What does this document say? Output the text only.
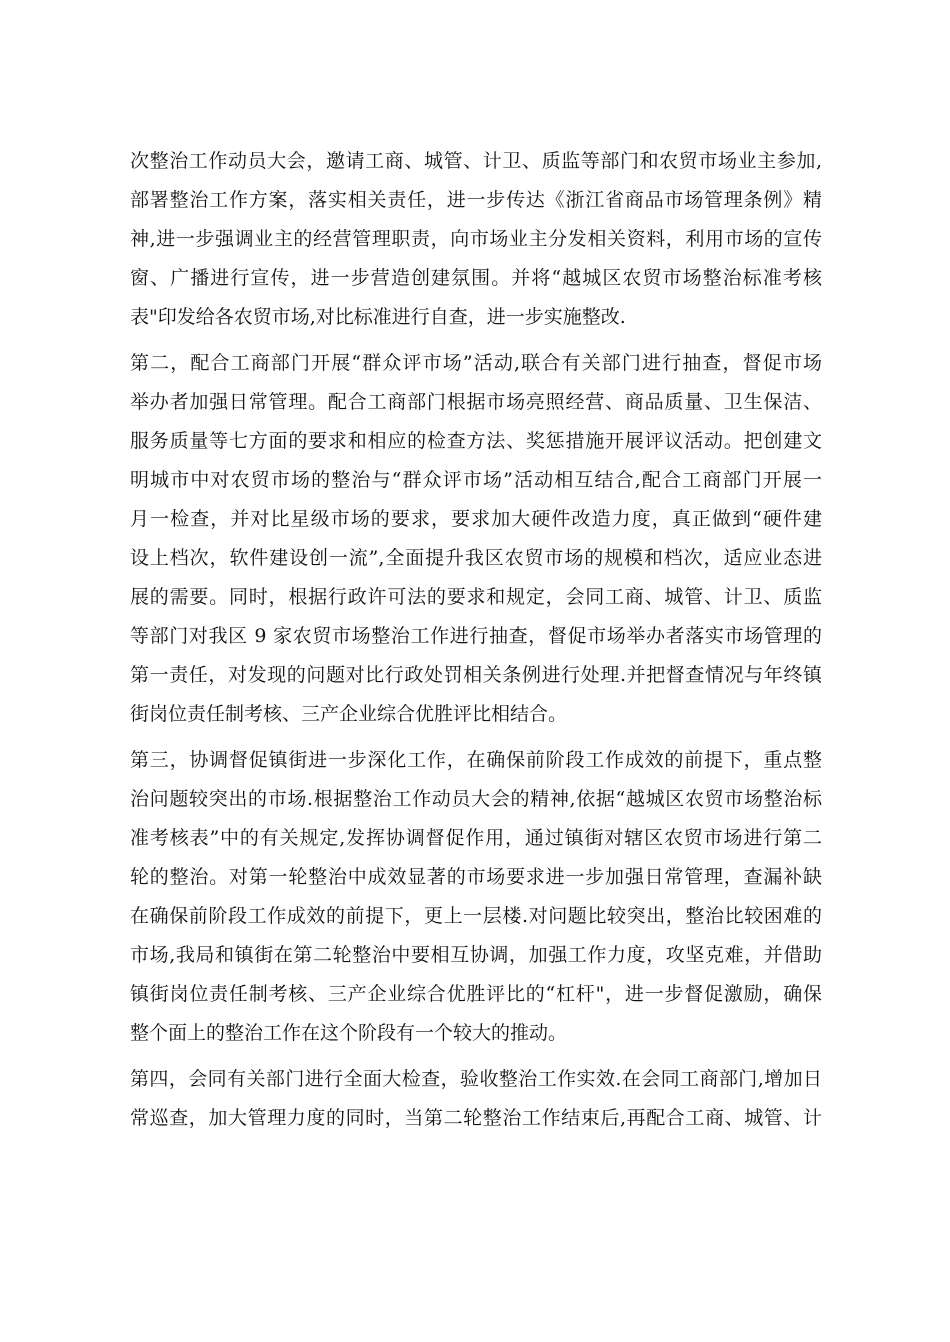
次整治工作动员大会，邀请工商、城管、计卫、质监等部门和农贸市场业主参加,
部署整治工作方案，落实相关责任，进一步传达《浙江省商品市场管理条例》精
神,进一步强调业主的经营管理职责，向市场业主分发相关资料，利用市场的宣传
窗、广播进行宣传，进一步营造创建氛围。并将“越城区农贸市场整治标准考核
表"印发给各农贸市场,对比标准进行自查，进一步实施整改.
第二，配合工商部门开展“群众评市场”活动,联合有关部门进行抽查，督促市场
举办者加强日常管理。配合工商部门根据市场亮照经营、商品质量、卫生保洁、
服务质量等七方面的要求和相应的检查方法、奖惩措施开展评议活动。把创建文
明城市中对农贸市场的整治与“群众评市场”活动相互结合,配合工商部门开展一
月一检查，并对比星级市场的要求，要求加大硬件改造力度，真正做到“硬件建
设上档次，软件建设创一流”,全面提升我区农贸市场的规模和档次，适应业态进
展的需要。同时，根据行政许可法的要求和规定，会同工商、城管、计卫、质监
等部门对我区 9 家农贸市场整治工作进行抽查，督促市场举办者落实市场管理的
第一责任，对发现的问题对比行政处罚相关条例进行处理.并把督查情况与年终镇
街岗位责任制考核、三产企业综合优胜评比相结合。
第三，协调督促镇街进一步深化工作，在确保前阶段工作成效的前提下，重点整
治问题较突出的市场.根据整治工作动员大会的精神,依据“越城区农贸市场整治标
准考核表”中的有关规定,发挥协调督促作用，通过镇街对辖区农贸市场进行第二
轮的整治。对第一轮整治中成效显著的市场要求进一步加强日常管理，查漏补缺
在确保前阶段工作成效的前提下，更上一层楼.对问题比较突出，整治比较困难的
市场,我局和镇街在第二轮整治中要相互协调，加强工作力度，攻坚克难，并借助
镇街岗位责任制考核、三产企业综合优胜评比的“杠杆"，进一步督促激励，确保
整个面上的整治工作在这个阶段有一个较大的推动。
第四，会同有关部门进行全面大检查，验收整治工作实效.在会同工商部门,增加日
常巡查，加大管理力度的同时，当第二轮整治工作结束后,再配合工商、城管、计
